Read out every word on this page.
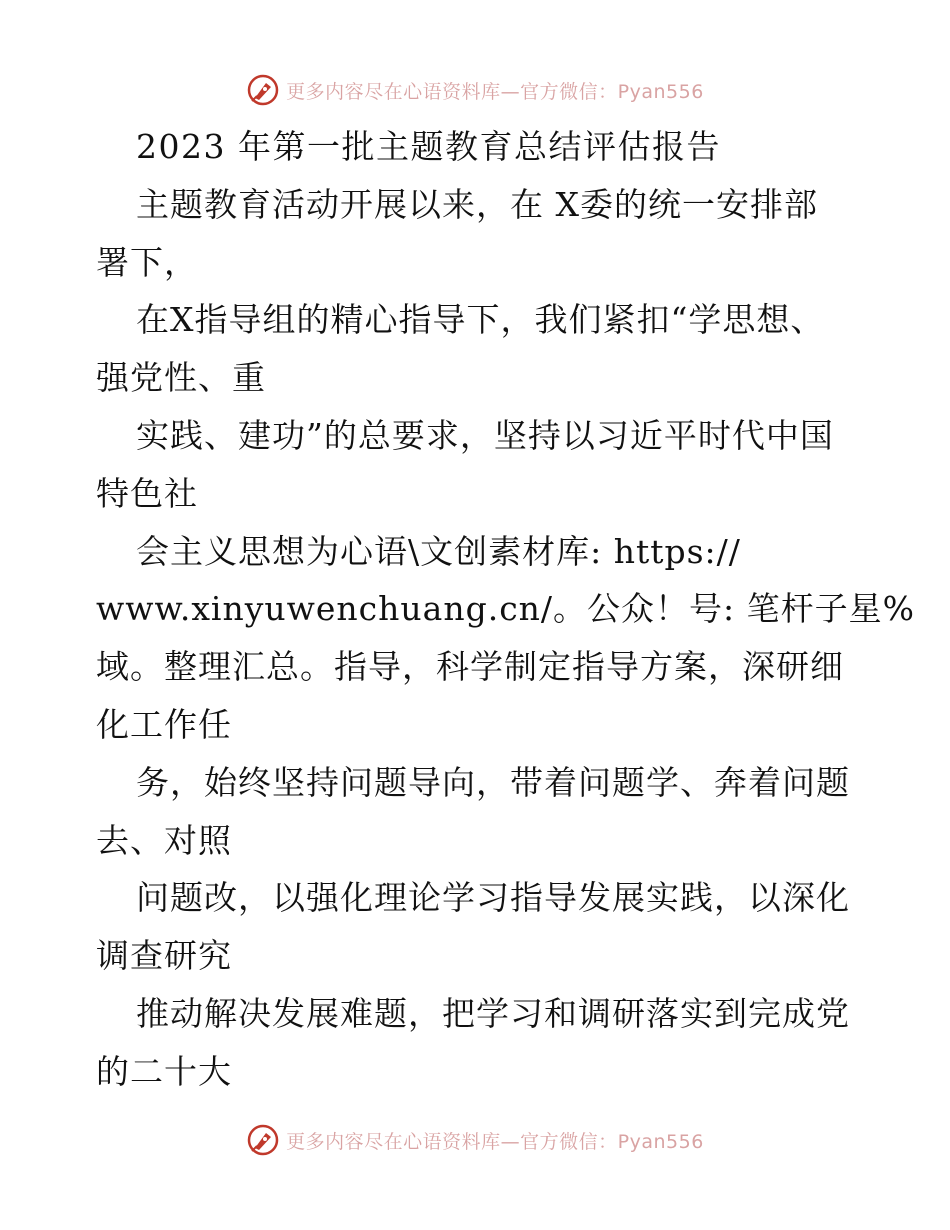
更多内容尽在心语资料库—官方微信：Pyan556
2023 年第一批主题教育总结评估报告
主题教育活动开展以来，在 X委的统一安排部
署下，
在X指导组的精心指导下，我们紧扣“学思想、
强党性、重
实践、建功”的总要求，坚持以习近平时代中国
特色社
会主义思想为心语\文创素材库: https://
www.xinyuwenchuang.cn/。公众！号: 笔杆子星%
域。整理汇总。指导，科学制定指导方案，深研细
化工作任
务，始终坚持问题导向，带着问题学、奔着问题
去、对照
问题改，以强化理论学习指导发展实践，以深化
调查研究
推动解决发展难题，把学习和调研落实到完成党
的二十大
更多内容尽在心语资料库—官方微信：Pyan556
